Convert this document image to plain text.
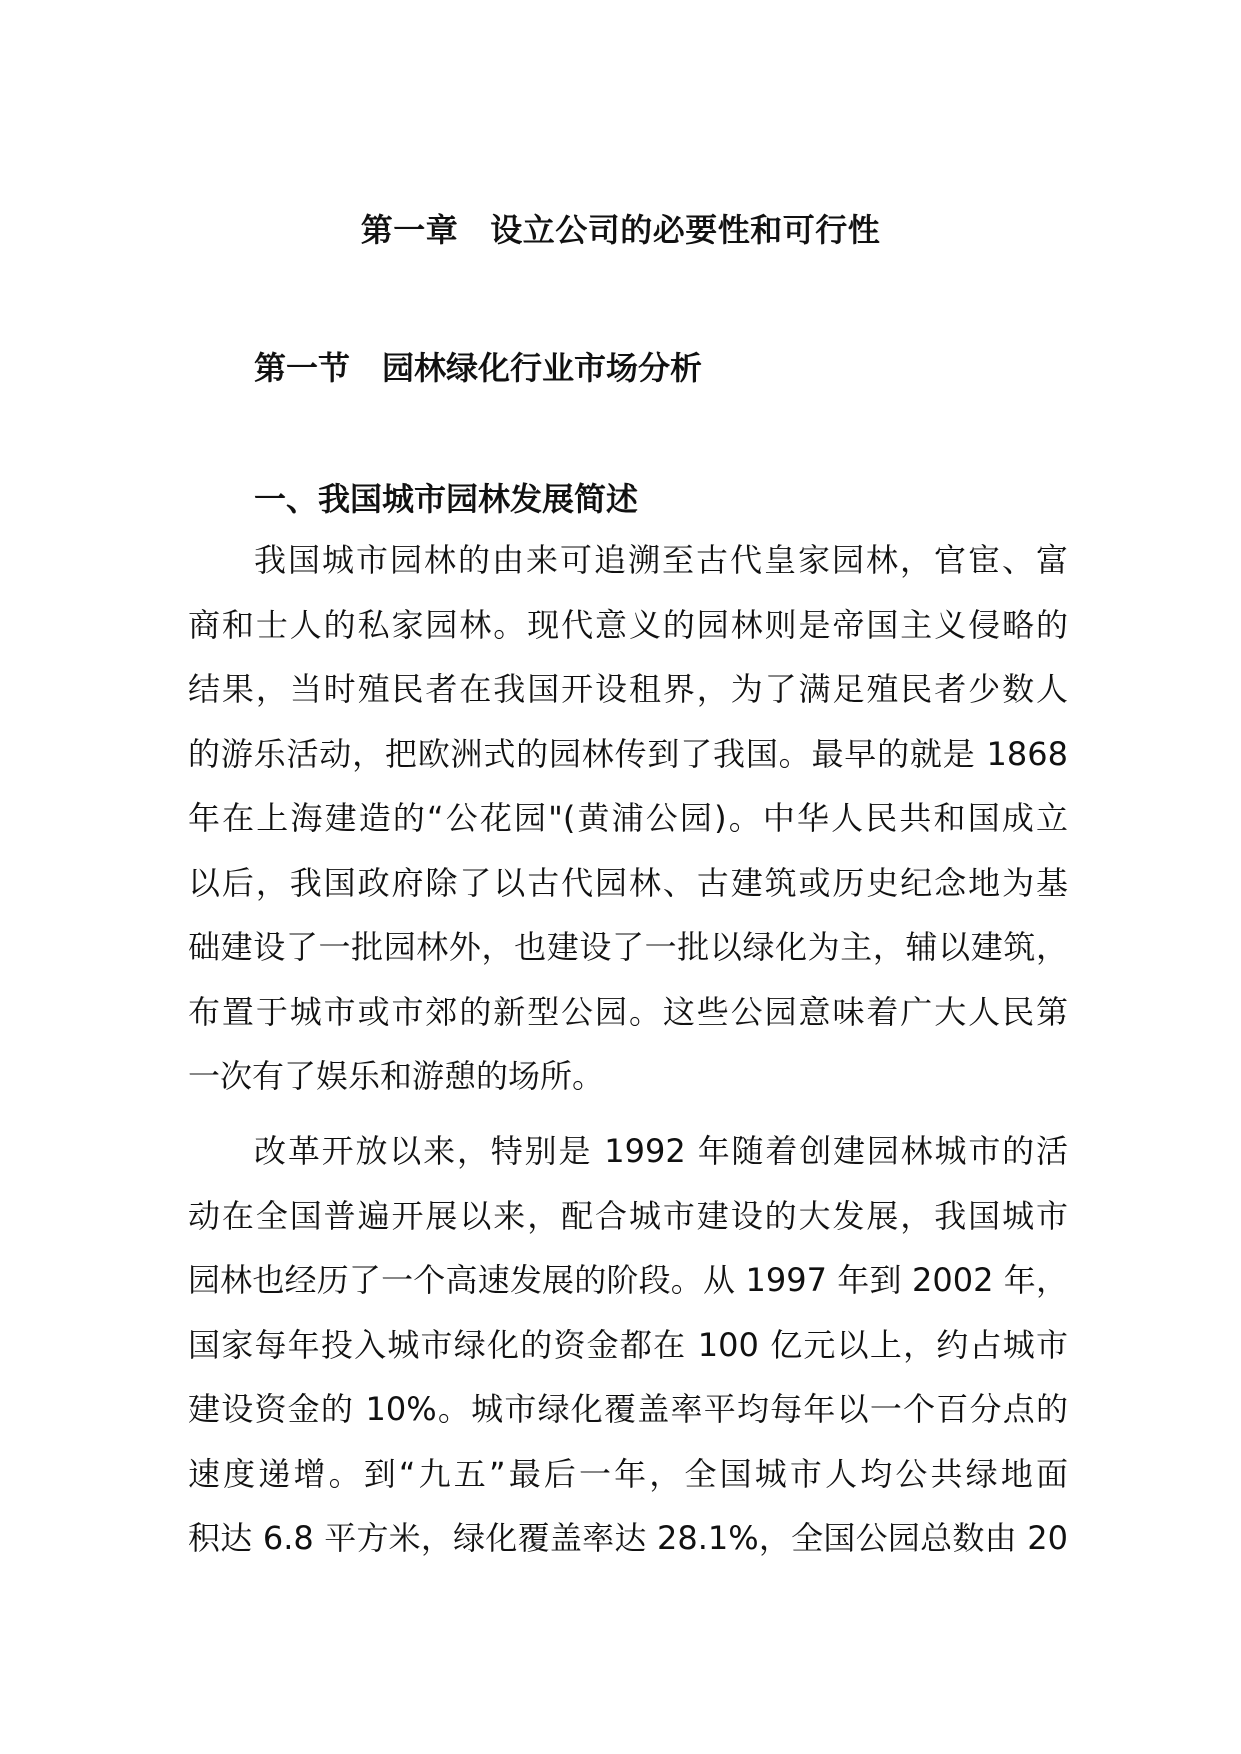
第一章 设立公司的必要性和可行性
第一节 园林绿化行业市场分析
一、我国城市园林发展简述
我国城市园林的由来可追溯至古代皇家园林，官宦、富
商和士人的私家园林。现代意义的园林则是帝国主义侵略的
结果，当时殖民者在我国开设租界，为了满足殖民者少数人
的游乐活动，把欧洲式的园林传到了我国。最早的就是 1868
年在上海建造的“公花园"(黄浦公园)。中华人民共和国成立
以后，我国政府除了以古代园林、古建筑或历史纪念地为基
础建设了一批园林外，也建设了一批以绿化为主，辅以建筑，
布置于城市或市郊的新型公园。这些公园意味着广大人民第
一次有了娱乐和游憩的场所。
改革开放以来，特别是 1992 年随着创建园林城市的活
动在全国普遍开展以来，配合城市建设的大发展，我国城市
园林也经历了一个高速发展的阶段。从 1997 年到 2002 年，
国家每年投入城市绿化的资金都在 100 亿元以上，约占城市
建设资金的 10%。城市绿化覆盖率平均每年以一个百分点的
速度递增。到“九五”最后一年，全国城市人均公共绿地面
积达 6.8 平方米，绿化覆盖率达 28.1%，全国公园总数由 20
